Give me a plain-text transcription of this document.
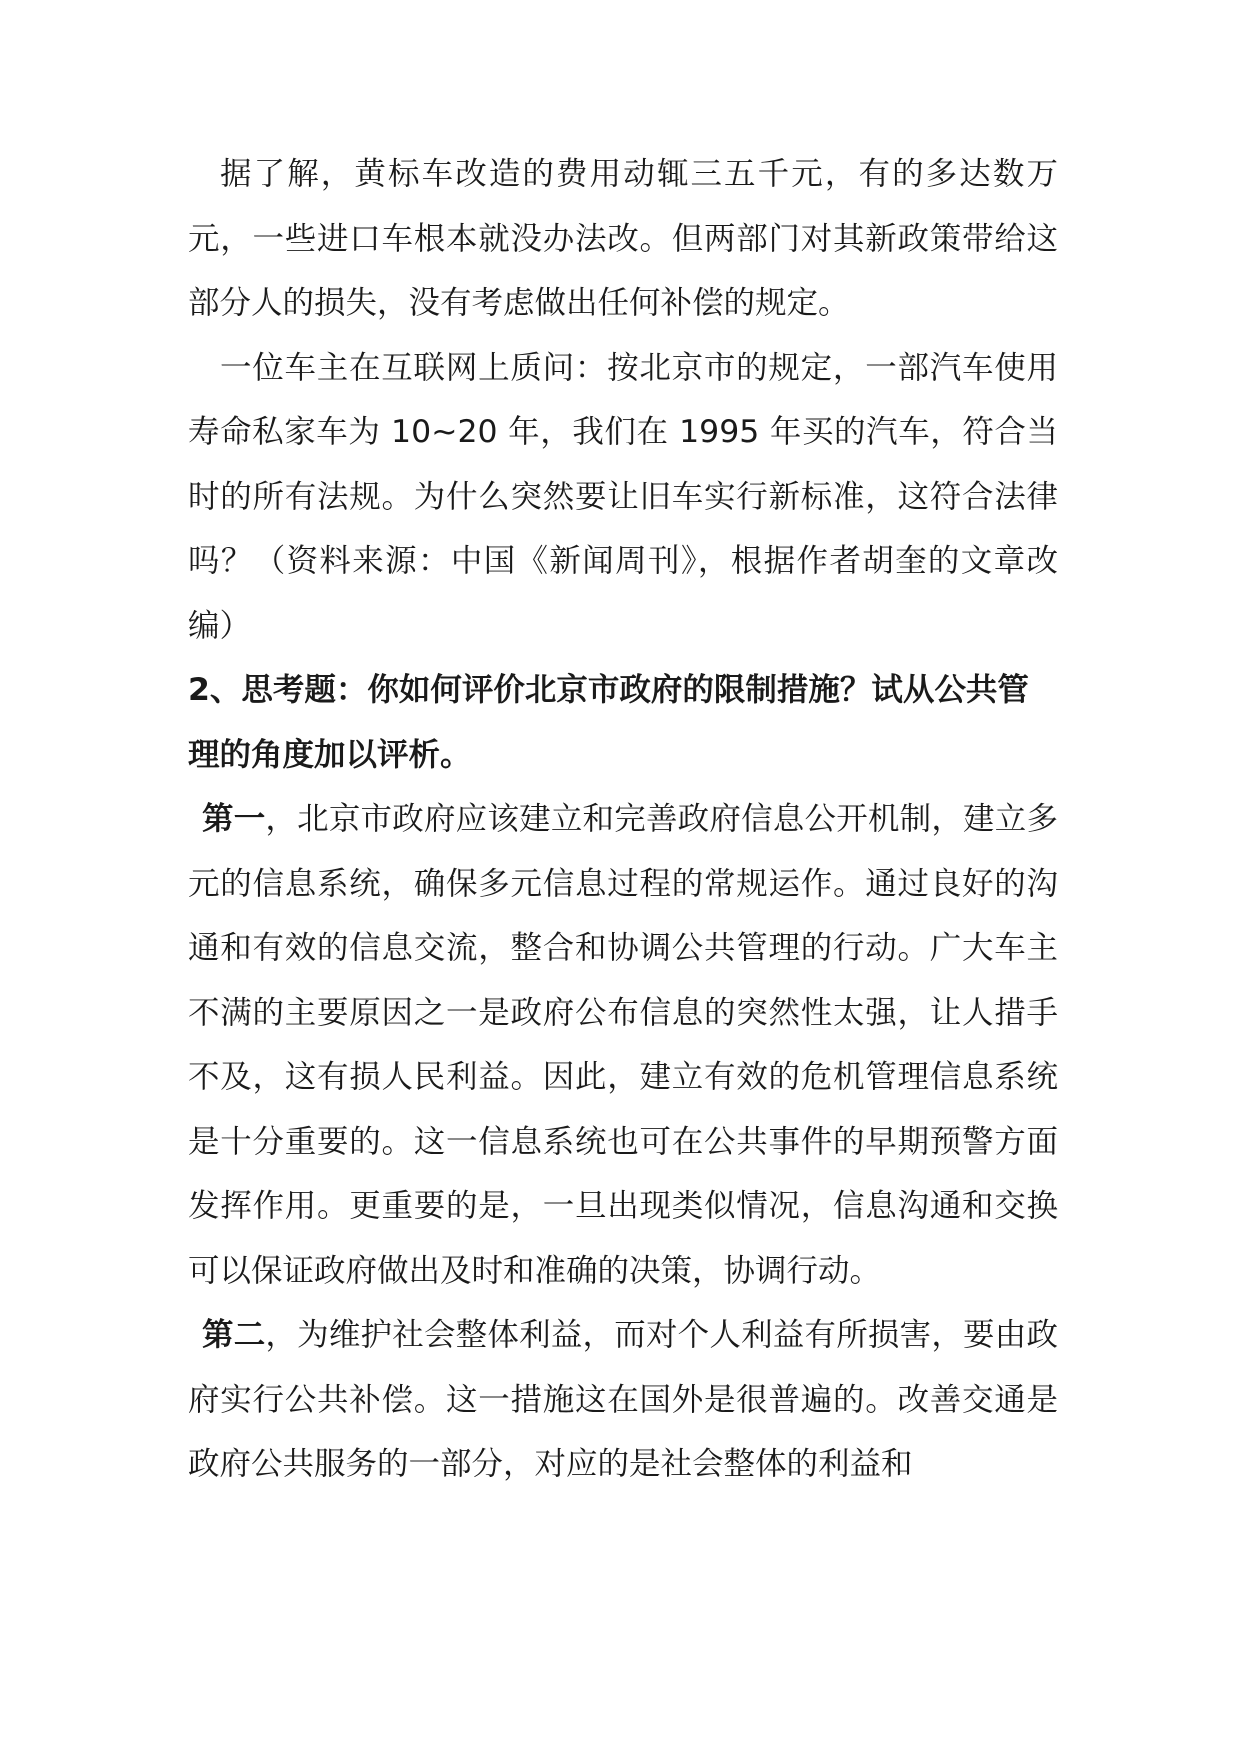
据了解，黄标车改造的费用动辄三五千元，有的多达数万元，一些进口车根本就没办法改。但两部门对其新政策带给这部分人的损失，没有考虑做出任何补偿的规定。

一位车主在互联网上质问：按北京市的规定，一部汽车使用寿命私家车为 10~20 年，我们在 1995 年买的汽车，符合当时的所有法规。为什么突然要让旧车实行新标准，这符合法律吗？（资料来源：中国《新闻周刊》，根据作者胡奎的文章改编）

2、思考题：你如何评价北京市政府的限制措施？试从公共管理的角度加以评析。

第一，北京市政府应该建立和完善政府信息公开机制，建立多元的信息系统，确保多元信息过程的常规运作。通过良好的沟通和有效的信息交流，整合和协调公共管理的行动。广大车主不满的主要原因之一是政府公布信息的突然性太强，让人措手不及，这有损人民利益。因此，建立有效的危机管理信息系统是十分重要的。这一信息系统也可在公共事件的早期预警方面发挥作用。更重要的是，一旦出现类似情况，信息沟通和交换可以保证政府做出及时和准确的决策，协调行动。

第二，为维护社会整体利益，而对个人利益有所损害，要由政府实行公共补偿。这一措施这在国外是很普遍的。改善交通是政府公共服务的一部分，对应的是社会整体的利益和
